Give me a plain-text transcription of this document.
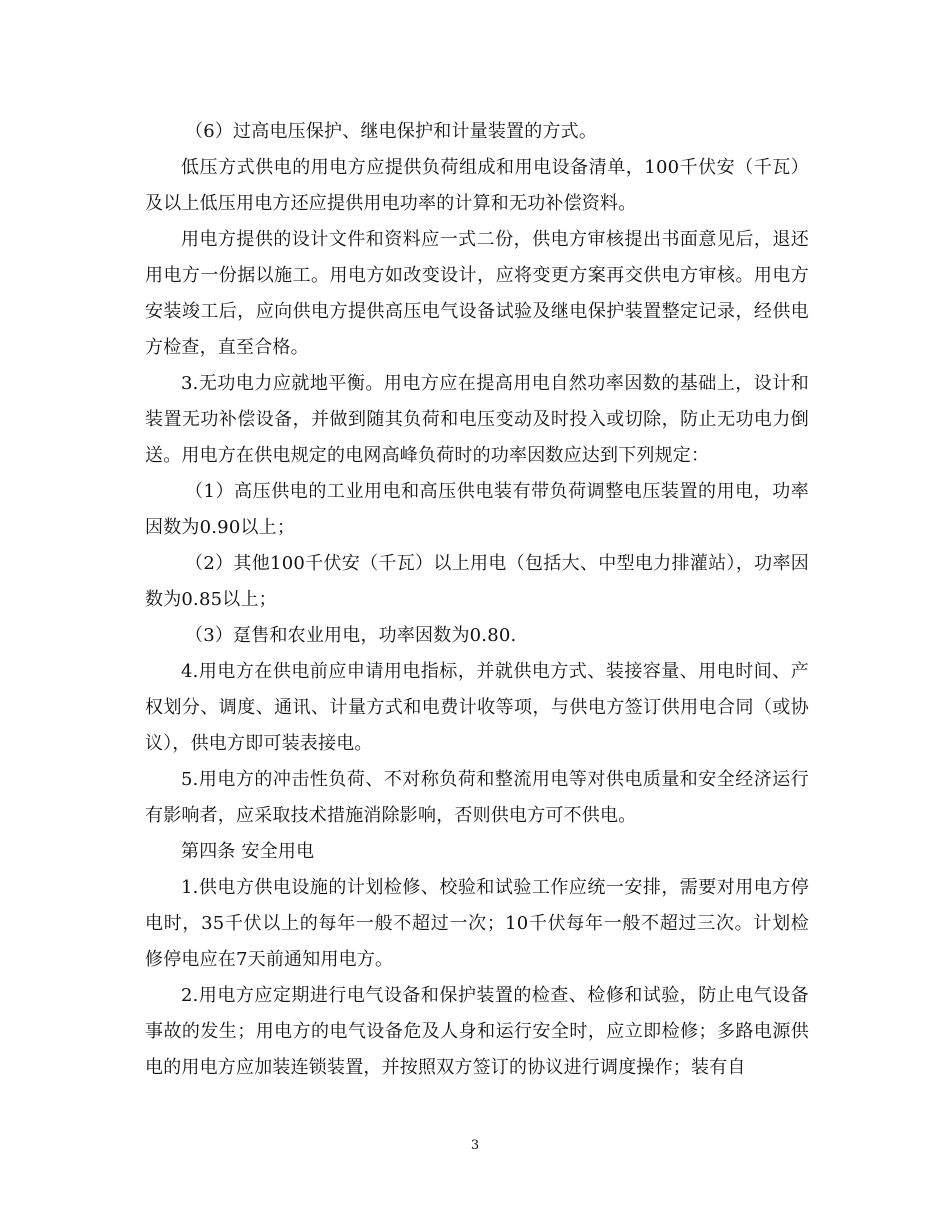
（6）过高电压保护、继电保护和计量装置的方式。

低压方式供电的用电方应提供负荷组成和用电设备清单，100千伏安（千瓦）及以上低压用电方还应提供用电功率的计算和无功补偿资料。

用电方提供的设计文件和资料应一式二份，供电方审核提出书面意见后，退还用电方一份据以施工。用电方如改变设计，应将变更方案再交供电方审核。用电方安装竣工后，应向供电方提供高压电气设备试验及继电保护装置整定记录，经供电方检查，直至合格。

3.无功电力应就地平衡。用电方应在提高用电自然功率因数的基础上，设计和装置无功补偿设备，并做到随其负荷和电压变动及时投入或切除，防止无功电力倒送。用电方在供电规定的电网高峰负荷时的功率因数应达到下列规定：

（1）高压供电的工业用电和高压供电装有带负荷调整电压装置的用电，功率因数为0.90以上；

（2）其他100千伏安（千瓦）以上用电（包括大、中型电力排灌站），功率因数为0.85以上；

（3）趸售和农业用电，功率因数为0.80.

4.用电方在供电前应申请用电指标，并就供电方式、装接容量、用电时间、产权划分、调度、通讯、计量方式和电费计收等项，与供电方签订供用电合同（或协议），供电方即可装表接电。

5.用电方的冲击性负荷、不对称负荷和整流用电等对供电质量和安全经济运行有影响者，应采取技术措施消除影响，否则供电方可不供电。

第四条 安全用电

1.供电方供电设施的计划检修、校验和试验工作应统一安排，需要对用电方停电时，35千伏以上的每年一般不超过一次；10千伏每年一般不超过三次。计划检修停电应在7天前通知用电方。

2.用电方应定期进行电气设备和保护装置的检查、检修和试验，防止电气设备事故的发生；用电方的电气设备危及人身和运行安全时，应立即检修；多路电源供电的用电方应加装连锁装置，并按照双方签订的协议进行调度操作；装有自

3
